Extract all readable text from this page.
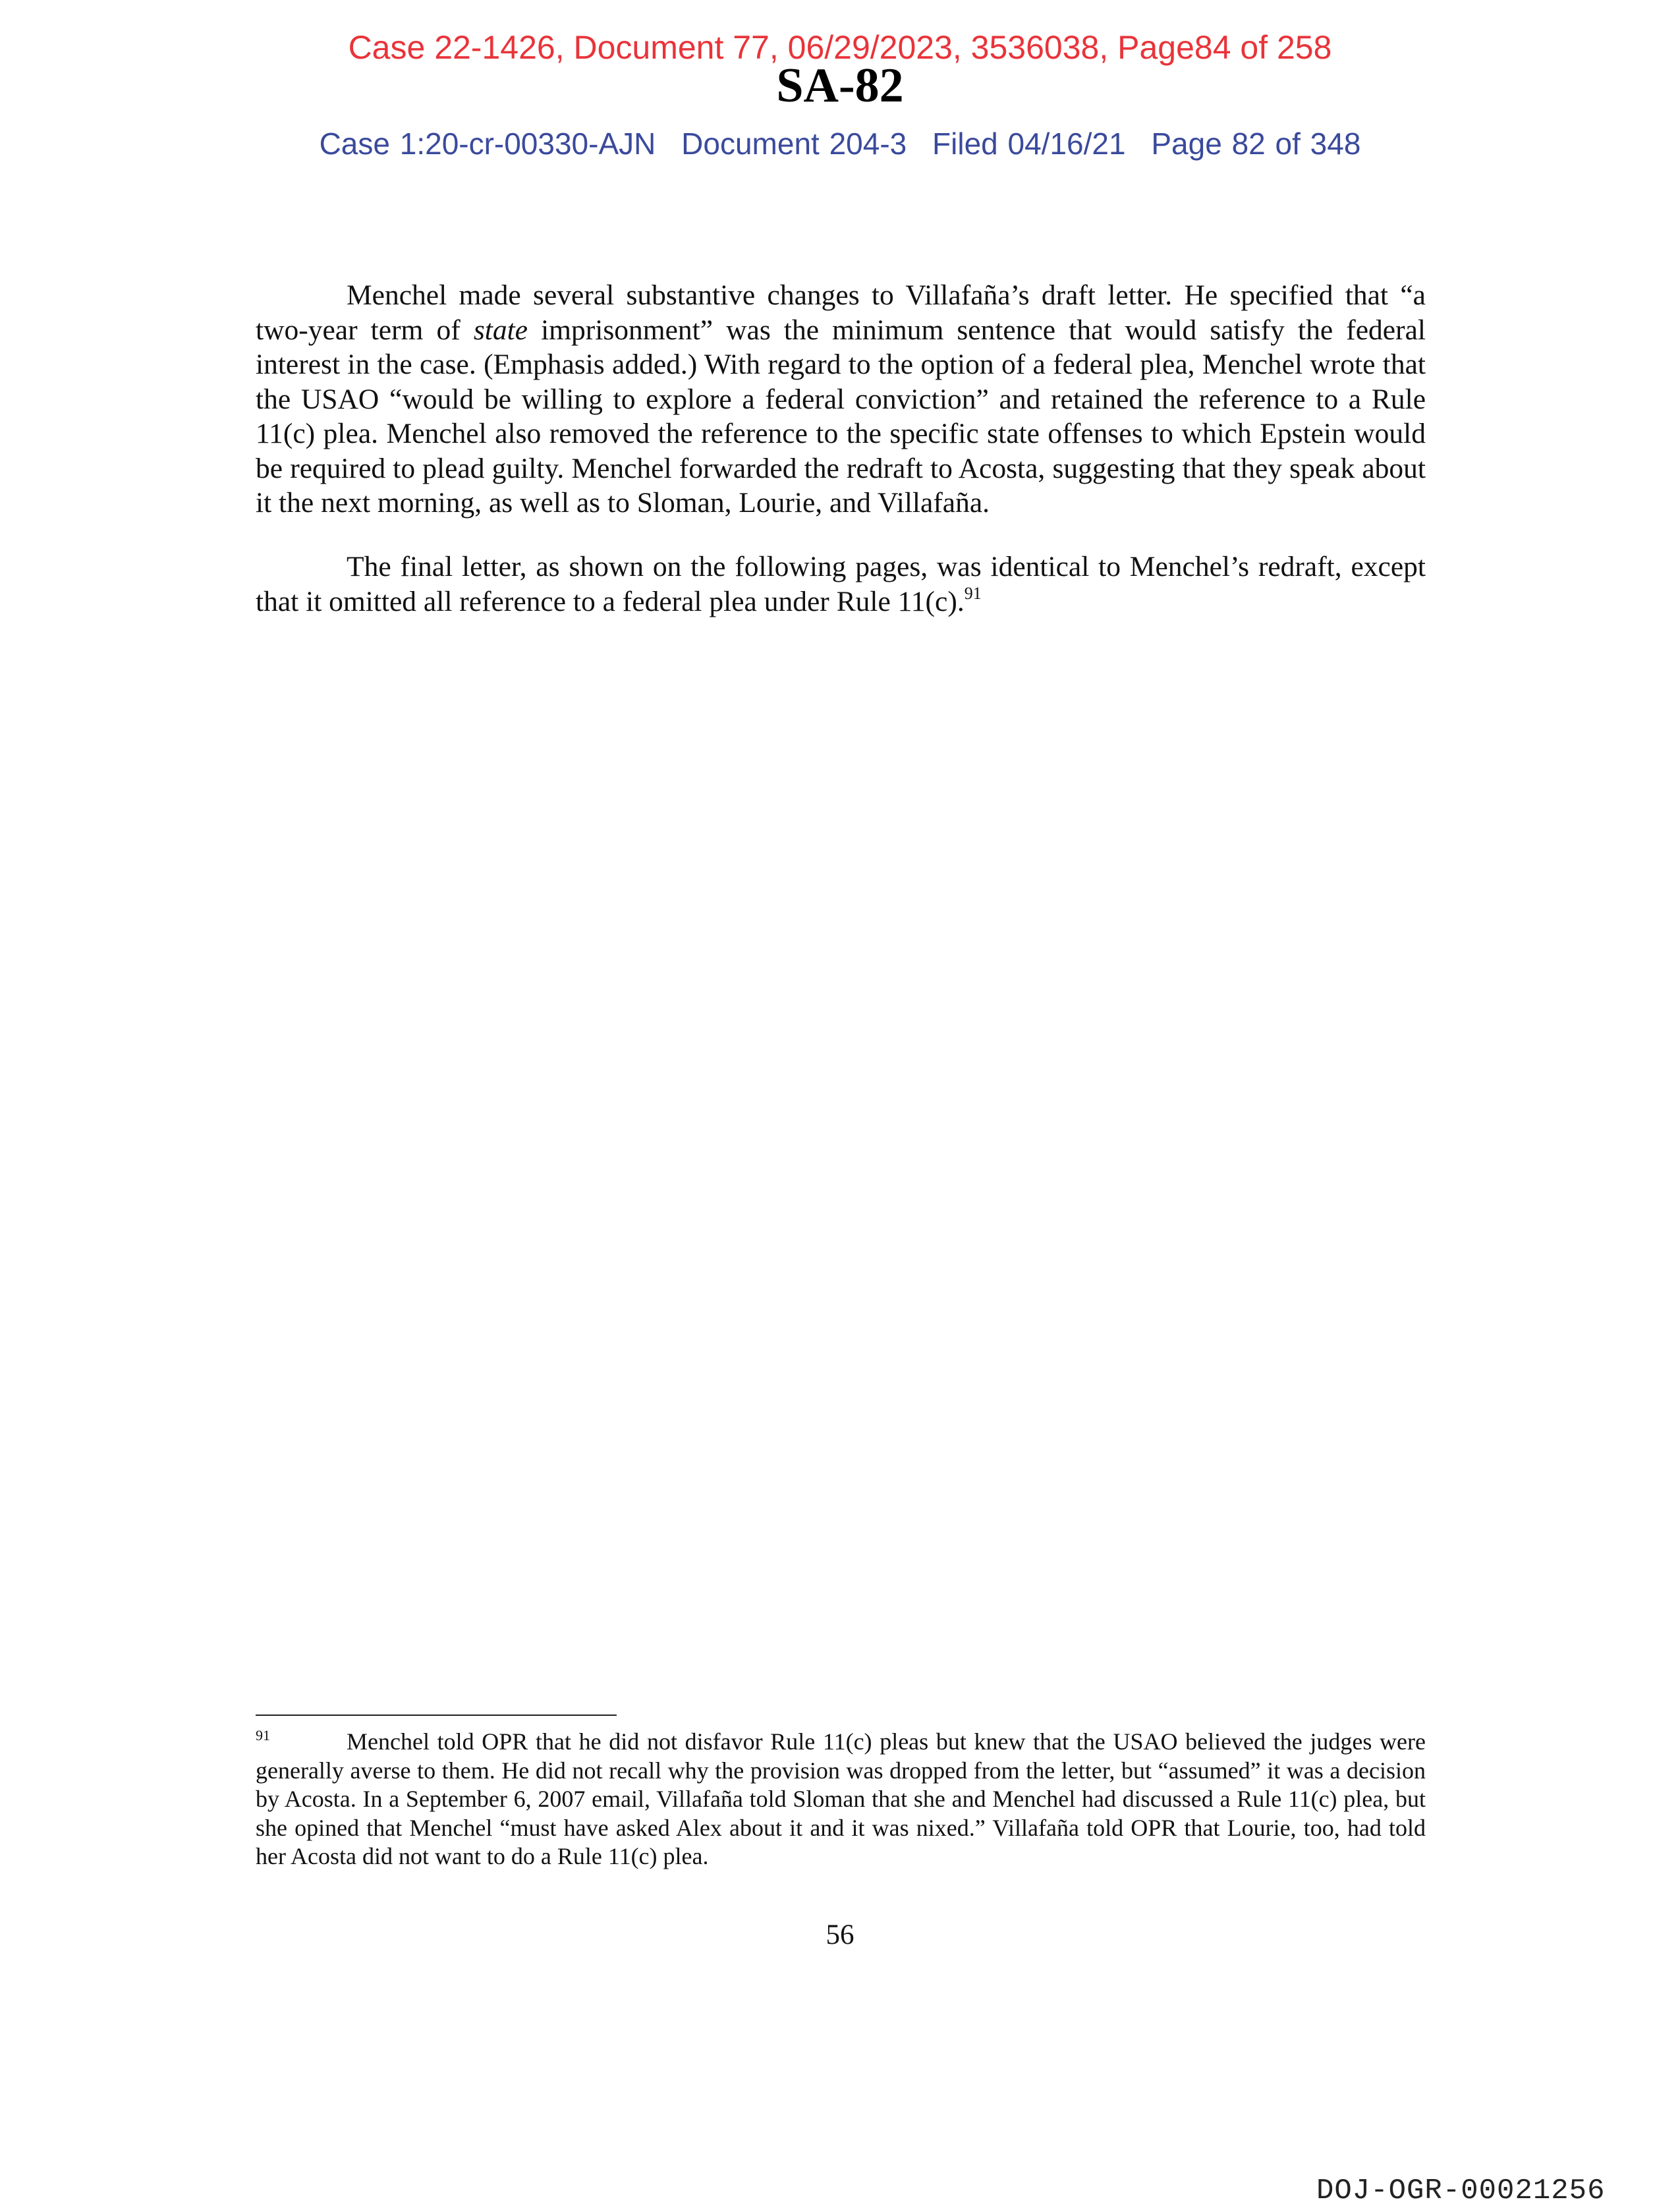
Case 22-1426, Document 77, 06/29/2023, 3536038, Page84 of 258
SA-82
Case 1:20-cr-00330-AJN Document 204-3 Filed 04/16/21 Page 82 of 348

Menchel made several substantive changes to Villafaña’s draft letter. He specified that “a two-year term of state imprisonment” was the minimum sentence that would satisfy the federal interest in the case. (Emphasis added.) With regard to the option of a federal plea, Menchel wrote that the USAO “would be willing to explore a federal conviction” and retained the reference to a Rule 11(c) plea. Menchel also removed the reference to the specific state offenses to which Epstein would be required to plead guilty. Menchel forwarded the redraft to Acosta, suggesting that they speak about it the next morning, as well as to Sloman, Lourie, and Villafaña.

The final letter, as shown on the following pages, was identical to Menchel’s redraft, except that it omitted all reference to a federal plea under Rule 11(c).$^{91}$

91	Menchel told OPR that he did not disfavor Rule 11(c) pleas but knew that the USAO believed the judges were generally averse to them. He did not recall why the provision was dropped from the letter, but “assumed” it was a decision by Acosta. In a September 6, 2007 email, Villafaña told Sloman that she and Menchel had discussed a Rule 11(c) plea, but she opined that Menchel “must have asked Alex about it and it was nixed.” Villafaña told OPR that Lourie, too, had told her Acosta did not want to do a Rule 11(c) plea.
56
DOJ-OGR-00021256
